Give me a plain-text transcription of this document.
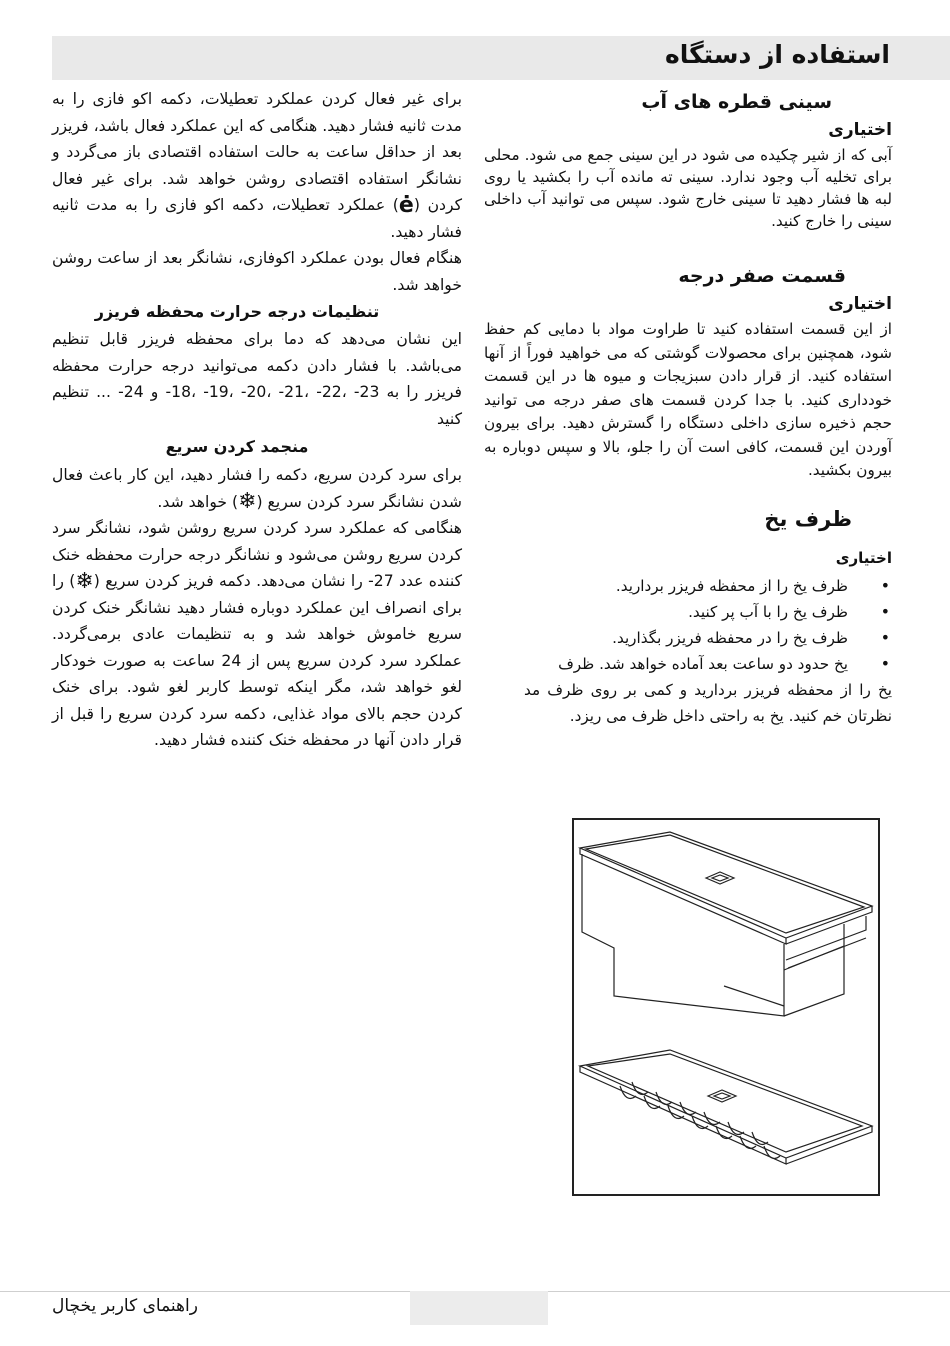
استفاده از دستگاه
سینی قطره های آب
اختیاری

آبی که از شیر چکیده می شود در این سینی جمع می شود. محلی برای تخلیه آب وجود ندارد. سینی ته مانده آب را بکشید یا روی لبه ها فشار دهید تا سینی خارج شود. سپس می توانید آب داخلی سینی را خارج کنید.

قسمت صفر درجه
اختیاری

از این قسمت استفاده کنید تا طراوت مواد با دمایی کم حفظ شود، همچنین برای محصولات گوشتی که می خواهید فوراً از آنها استفاده کنید. از قرار دادن سبزیجات و میوه ها در این قسمت خودداری کنید. با جدا کردن قسمت های صفر درجه می توانید حجم ذخیره سازی داخلی دستگاه را گسترش دهید. برای بیرون آوردن این قسمت، کافی است آن را جلو، بالا و سپس دوباره به بیرون بکشید.

ظرف یخ
اختیاری
• ظرف یخ را از محفظه فریزر بردارید.
• ظرف یخ را با آب پر کنید.
• ظرف یخ را در محفظه فریزر بگذارید.
• یخ حدود دو ساعت بعد آماده خواهد شد. ظرف

یخ را از محفظه فریزر بردارید و کمی بر روی ظرف مد نظرتان خم کنید. یخ به راحتی داخل ظرف می ریزد.

برای غیر فعال کردن عملکرد تعطیلات، دکمه اکو فازی را به مدت ثانیه فشار دهید. هنگامی که این عملکرد فعال باشد، فریزر بعد از حداقل ساعت به حالت استفاده اقتصادی باز می‌گردد و نشانگر استفاده اقتصادی روشن خواهد شد. برای غیر فعال کردن (ė) عملکرد تعطیلات، دکمه اکو فازی را به مدت ثانیه فشار دهید.

هنگام فعال بودن عملکرد اکوفازی، نشانگر بعد از ساعت روشن خواهد شد.

تنظیمات درجه حرارت محفظه فریزر

این نشان می‌دهد که دما برای محفظه فریزر قابل تنظیم می‌باشد. با فشار دادن دکمه می‌توانید درجه حرارت محفظه فریزر را به ‎-18، ‎-19، ‎-20، ‎-21، ‎-22، ‎-23 و ‎-24 ... تنظیم کنید

منجمد کردن سریع

برای سرد کردن سریع، دکمه را فشار دهید، این کار باعث فعال شدن نشانگر سرد کردن سریع (❄) خواهد شد.

هنگامی که عملکرد سرد کردن سریع روشن شود، نشانگر سرد کردن سریع روشن می‌شود و نشانگر درجه حرارت محفظه خنک کننده عدد ‎-27 را نشان می‌دهد. دکمه فریز کردن سریع (❄) را برای انصراف این عملکرد دوباره فشار دهید نشانگر خنک کردن سریع خاموش خواهد شد و به تنظیمات عادی برمی‌گردد. عملکرد سرد کردن سریع پس از 24 ساعت به صورت خودکار لغو خواهد شد، مگر اینکه توسط کاربر لغو شود. برای خنک کردن حجم بالای مواد غذایی، دکمه سرد کردن سریع را قبل از قرار دادن آنها در محفظه خنک کننده فشار دهید.

راهنمای کاربر یخچال
